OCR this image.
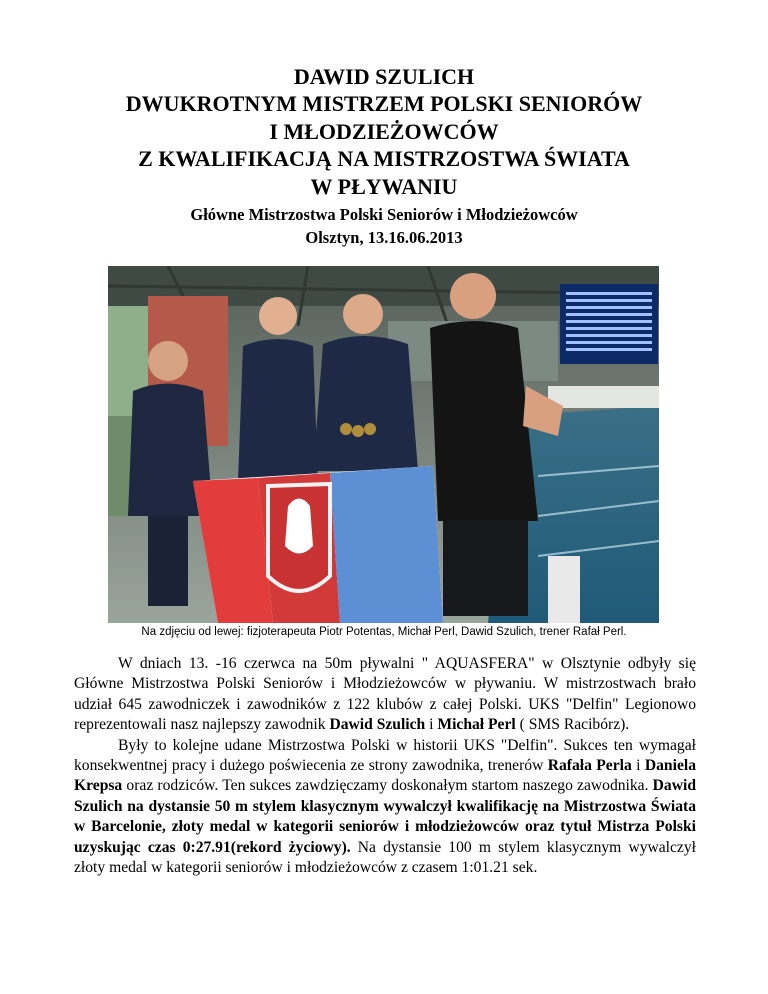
DAWID SZULICH
DWUKROTNYM MISTRZEM POLSKI SENIORÓW
I MŁODZIEŻOWCÓW
Z KWALIFIKACJĄ NA MISTRZOSTWA ŚWIATA
W PŁYWANIU
Główne Mistrzostwa Polski Seniorów i Młodzieżowców
Olsztyn, 13.16.06.2013
Na zdjęciu od lewej: fizjoterapeuta Piotr Potentas, Michał Perl, Dawid Szulich, trener Rafał Perl.

W dniach 13. -16 czerwca na 50m pływalni " AQUASFERA" w Olsztynie odbyły się Główne Mistrzostwa Polski Seniorów i Młodzieżowców w pływaniu. W mistrzostwach brało udział 645 zawodniczek i zawodników z 122 klubów z całej Polski. UKS "Delfin" Legionowo reprezentowali nasz najlepszy zawodnik Dawid Szulich i Michał Perl ( SMS Racibórz).

Były to kolejne udane Mistrzostwa Polski w historii UKS "Delfin". Sukces ten wymagał konsekwentnej pracy i dużego poświecenia ze strony zawodnika, trenerów Rafała Perla i Daniela Krepsa oraz rodziców. Ten sukces zawdzięczamy doskonałym startom naszego zawodnika. Dawid Szulich na dystansie 50 m stylem klasycznym wywalczył kwalifikację na Mistrzostwa Świata w Barcelonie, złoty medal w kategorii seniorów i młodzieżowców oraz tytuł Mistrza Polski uzyskując czas 0:27.91(rekord życiowy). Na dystansie 100 m stylem klasycznym wywalczył złoty medal w kategorii seniorów i młodzieżowców z czasem 1:01.21 sek.
